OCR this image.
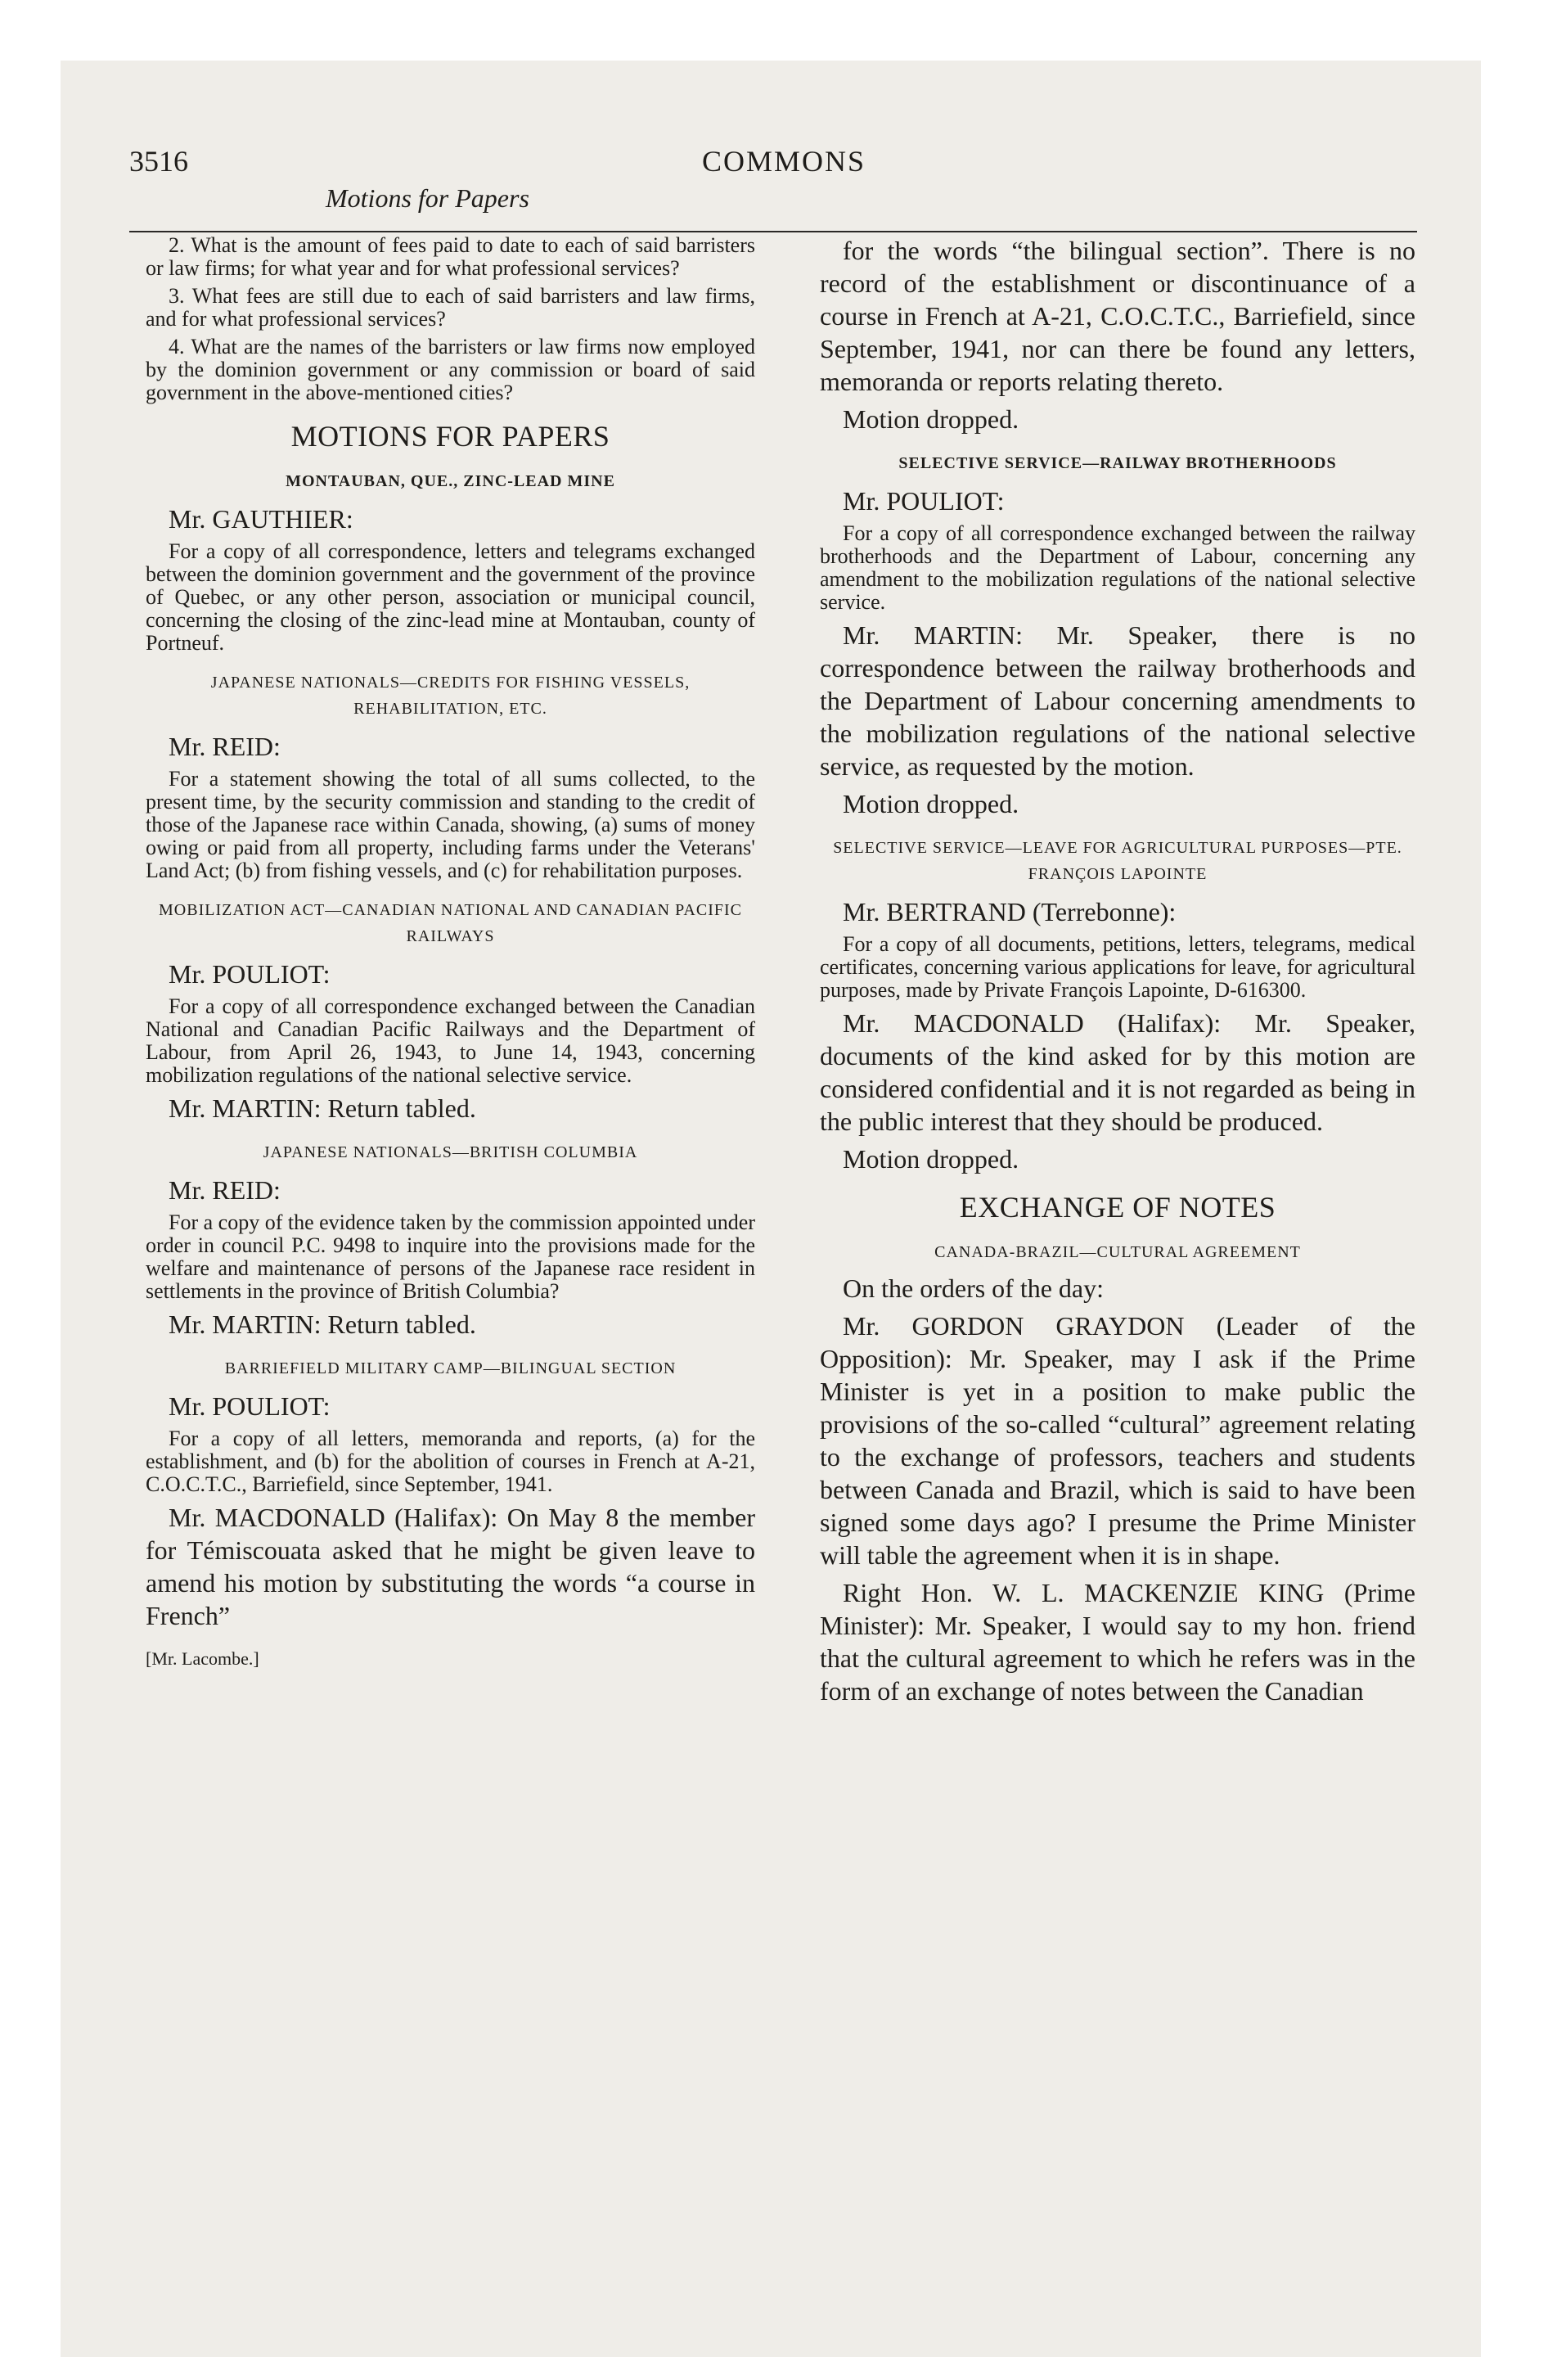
3516	COMMONS
Motions for Papers
2. What is the amount of fees paid to date to each of said barristers or law firms; for what year and for what professional services?
3. What fees are still due to each of said barristers and law firms, and for what professional services?
4. What are the names of the barristers or law firms now employed by the dominion government or any commission or board of said government in the above-mentioned cities?
MOTIONS FOR PAPERS
MONTAUBAN, QUE., ZINC-LEAD MINE
Mr. GAUTHIER:
For a copy of all correspondence, letters and telegrams exchanged between the dominion government and the government of the province of Quebec, or any other person, association or municipal council, concerning the closing of the zinc-lead mine at Montauban, county of Portneuf.
JAPANESE NATIONALS—CREDITS FOR FISHING VESSELS, REHABILITATION, ETC.
Mr. REID:
For a statement showing the total of all sums collected, to the present time, by the security commission and standing to the credit of those of the Japanese race within Canada, showing, (a) sums of money owing or paid from all property, including farms under the Veterans' Land Act; (b) from fishing vessels, and (c) for rehabilitation purposes.
MOBILIZATION ACT—CANADIAN NATIONAL AND CANADIAN PACIFIC RAILWAYS
Mr. POULIOT:
For a copy of all correspondence exchanged between the Canadian National and Canadian Pacific Railways and the Department of Labour, from April 26, 1943, to June 14, 1943, concerning mobilization regulations of the national selective service.
Mr. MARTIN: Return tabled.
JAPANESE NATIONALS—BRITISH COLUMBIA
Mr. REID:
For a copy of the evidence taken by the commission appointed under order in council P.C. 9498 to inquire into the provisions made for the welfare and maintenance of persons of the Japanese race resident in settlements in the province of British Columbia?
Mr. MARTIN: Return tabled.
BARRIEFIELD MILITARY CAMP—BILINGUAL SECTION
Mr. POULIOT:
For a copy of all letters, memoranda and reports, (a) for the establishment, and (b) for the abolition of courses in French at A-21, C.O.C.T.C., Barriefield, since September, 1941.
Mr. MACDONALD (Halifax): On May 8 the member for Témiscouata asked that he might be given leave to amend his motion by substituting the words “a course in French”
[Mr. Lacombe.]
for the words “the bilingual section”. There is no record of the establishment or discontinuance of a course in French at A-21, C.O.C.T.C., Barriefield, since September, 1941, nor can there be found any letters, memoranda or reports relating thereto.
Motion dropped.
SELECTIVE SERVICE—RAILWAY BROTHERHOODS
Mr. POULIOT:
For a copy of all correspondence exchanged between the railway brotherhoods and the Department of Labour, concerning any amendment to the mobilization regulations of the national selective service.
Mr. MARTIN: Mr. Speaker, there is no correspondence between the railway brotherhoods and the Department of Labour concerning amendments to the mobilization regulations of the national selective service, as requested by the motion.
Motion dropped.
SELECTIVE SERVICE—LEAVE FOR AGRICULTURAL PURPOSES—PTE. FRANÇOIS LAPOINTE
Mr. BERTRAND (Terrebonne):
For a copy of all documents, petitions, letters, telegrams, medical certificates, concerning various applications for leave, for agricultural purposes, made by Private François Lapointe, D-616300.
Mr. MACDONALD (Halifax): Mr. Speaker, documents of the kind asked for by this motion are considered confidential and it is not regarded as being in the public interest that they should be produced.
Motion dropped.
EXCHANGE OF NOTES
CANADA-BRAZIL—CULTURAL AGREEMENT
On the orders of the day:
Mr. GORDON GRAYDON (Leader of the Opposition): Mr. Speaker, may I ask if the Prime Minister is yet in a position to make public the provisions of the so-called “cultural” agreement relating to the exchange of professors, teachers and students between Canada and Brazil, which is said to have been signed some days ago? I presume the Prime Minister will table the agreement when it is in shape.
Right Hon. W. L. MACKENZIE KING (Prime Minister): Mr. Speaker, I would say to my hon. friend that the cultural agreement to which he refers was in the form of an exchange of notes between the Canadian
